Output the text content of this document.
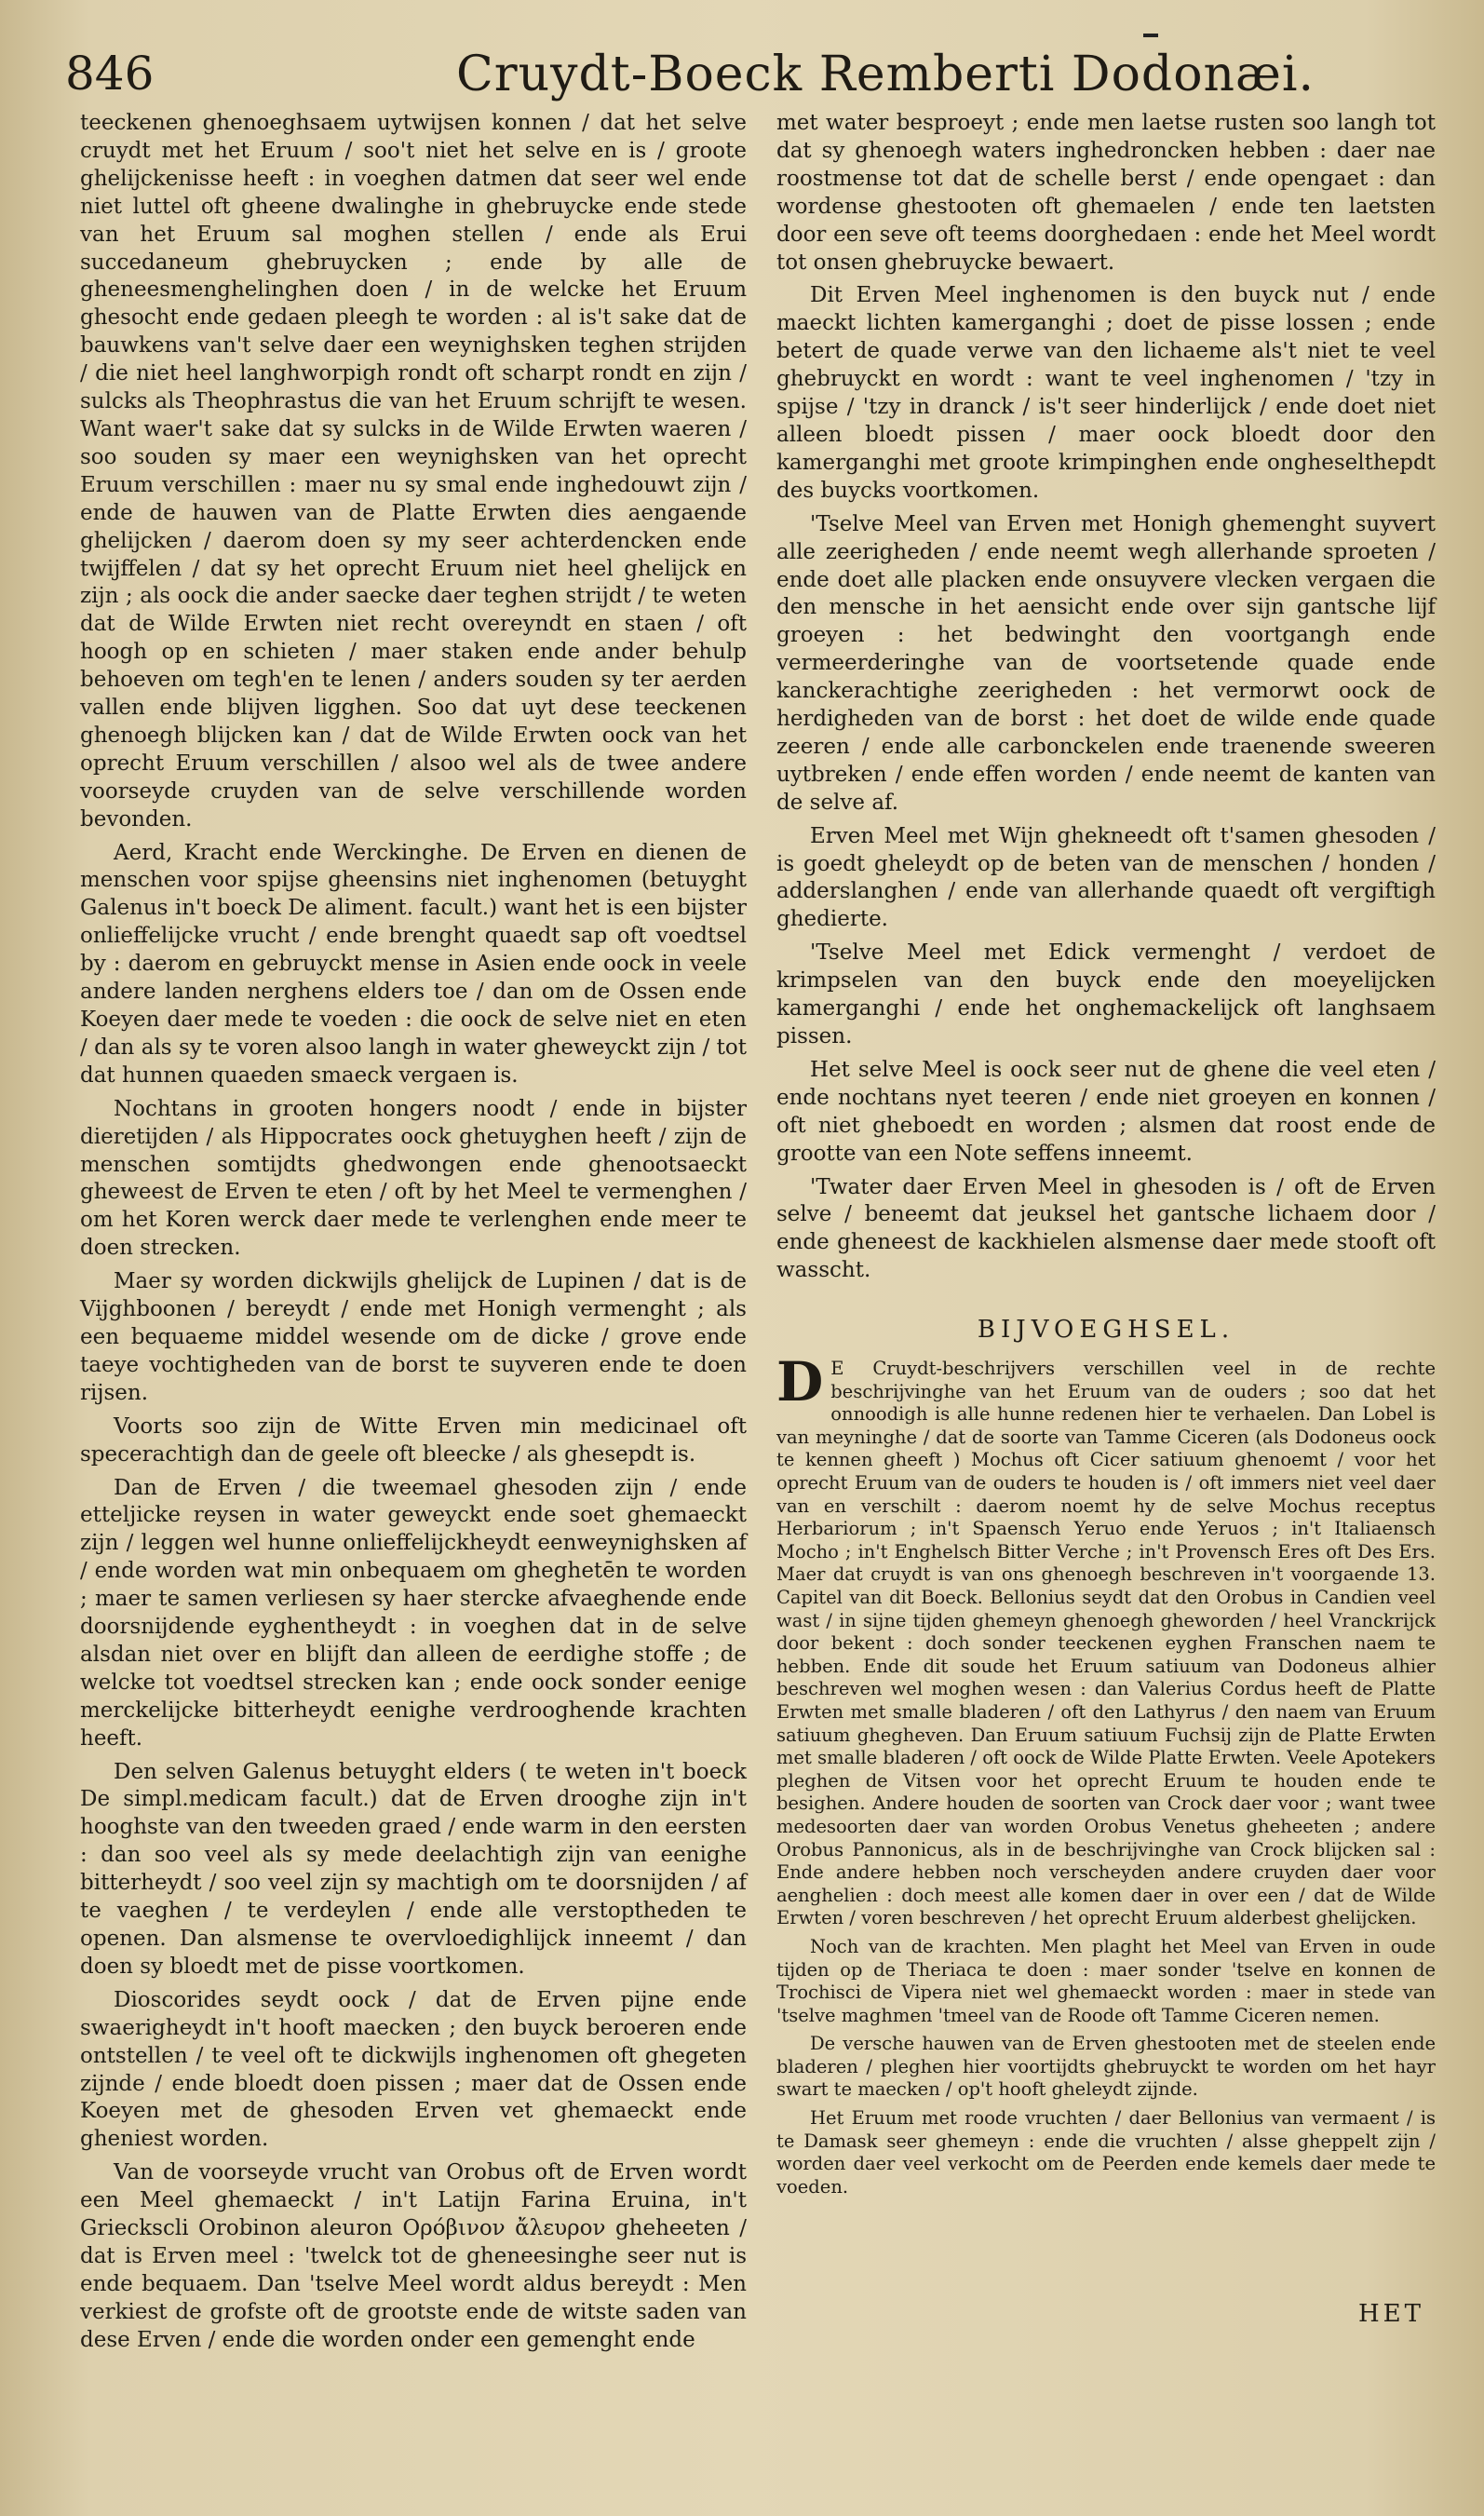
846	Cruydt-Boeck Remberti Dodonæi.

teeckenen ghenoeghsaem uytwijsen konnen / dat het selve cruydt met het Eruum / soo't niet het selve en is / groote ghelijckenisse heeft : in voeghen datmen dat seer wel ende niet luttel oft gheene dwalinghe in ghebruycke ende stede van het Eruum sal moghen stellen / ende als Erui succedaneum ghebruycken ; ende by alle de gheneesmenghelinghen doen / in de welcke het Eruum ghesocht ende gedaen pleegh te worden : al is't sake dat de bauwkens van't selve daer een weynighsken teghen strijden / die niet heel langhworpigh rondt oft scharpt rondt en zijn / sulcks als Theophrastus die van het Eruum schrijft te wesen. Want waer't sake dat sy sulcks in de Wilde Erwten waeren / soo souden sy maer een weynighsken van het oprecht Eruum verschillen : maer nu sy smal ende inghedouwt zijn / ende de hauwen van de Platte Erwten dies aengaende ghelijcken / daerom doen sy my seer achterdencken ende twijffelen / dat sy het oprecht Eruum niet heel ghelijck en zijn ; als oock die ander saecke daer teghen strijdt / te weten dat de Wilde Erwten niet recht overeyndt en staen / oft hoogh op en schieten / maer staken ende ander behulp behoeven om tegh'en te lenen / anders souden sy ter aerden vallen ende blijven ligghen. Soo dat uyt dese teeckenen ghenoegh blijcken kan / dat de Wilde Erwten oock van het oprecht Eruum verschillen / alsoo wel als de twee andere voorseyde cruyden van de selve verschillende worden bevonden.

Aerd, Kracht ende Werckinghe. De Erven en dienen de menschen voor spijse gheensins niet inghenomen (betuyght Galenus in't boeck De aliment. facult.) want het is een bijster onlieffelijcke vrucht / ende brenght quaedt sap oft voedtsel by : daerom en gebruyckt mense in Asien ende oock in veele andere landen nerghens elders toe / dan om de Ossen ende Koeyen daer mede te voeden : die oock de selve niet en eten / dan als sy te voren alsoo langh in water gheweyckt zijn / tot dat hunnen quaeden smaeck vergaen is.

Nochtans in grooten hongers noodt / ende in bijster dieretijden / als Hippocrates oock ghetuyghen heeft / zijn de menschen somtijdts ghedwongen ende ghenootsaeckt gheweest de Erven te eten / oft by het Meel te vermenghen / om het Koren werck daer mede te verlenghen ende meer te doen strecken.

Maer sy worden dickwijls ghelijck de Lupinen / dat is de Vijghboonen / bereydt / ende met Honigh vermenght ; als een bequaeme middel wesende om de dicke / grove ende taeye vochtigheden van de borst te suyveren ende te doen rijsen.

Voorts soo zijn de Witte Erven min medicinael oft specerachtigh dan de geele oft bleecke / als ghesepdt is.

Dan de Erven / die tweemael ghesoden zijn / ende etteljicke reysen in water geweyckt ende soet ghemaeckt zijn / leggen wel hunne onlieffelijckheydt eenweynighsken af / ende worden wat min onbequaem om gheghetēn te worden ; maer te samen verliesen sy haer stercke afvaeghende ende doorsnijdende eyghentheydt : in voeghen dat in de selve alsdan niet over en blijft dan alleen de eerdighe stoffe ; de welcke tot voedtsel strecken kan ; ende oock sonder eenige merckelijcke bitterheydt eenighe verdrooghende krachten heeft.

Den selven Galenus betuyght elders ( te weten in't boeck De simpl.medicam facult.) dat de Erven drooghe zijn in't hooghste van den tweeden graed / ende warm in den eersten : dan soo veel als sy mede deelachtigh zijn van eenighe bitterheydt / soo veel zijn sy machtigh om te doorsnijden / af te vaeghen / te verdeylen / ende alle verstoptheden te openen. Dan alsmense te overvloedighlijck inneemt / dan doen sy bloedt met de pisse voortkomen.

Dioscorides seydt oock / dat de Erven pijne ende swaerigheydt in't hooft maecken ; den buyck beroeren ende ontstellen / te veel oft te dickwijls inghenomen oft ghegeten zijnde / ende bloedt doen pissen ; maer dat de Ossen ende Koeyen met de ghesoden Erven vet ghemaeckt ende gheniest worden.

Van de voorseyde vrucht van Orobus oft de Erven wordt een Meel ghemaeckt / in't Latijn Farina Eruina, in't Grieckscli Orobinon aleuron Oρόβινον ἄλευρον gheheeten / dat is Erven meel : 'twelck tot de gheneesinghe seer nut is ende bequaem. Dan 'tselve Meel wordt aldus bereydt : Men verkiest de grofste oft de grootste ende de witste saden van dese Erven / ende die worden onder een gemenght ende

met water besproeyt ; ende men laetse rusten soo langh tot dat sy ghenoegh waters inghedroncken hebben : daer nae roostmense tot dat de schelle berst / ende opengaet : dan wordense ghestooten oft ghemaelen / ende ten laetsten door een seve oft teems doorghedaen : ende het Meel wordt tot onsen ghebruycke bewaert.

Dit Erven Meel inghenomen is den buyck nut / ende maeckt lichten kamerganghi ; doet de pisse lossen ; ende betert de quade verwe van den lichaeme als't niet te veel ghebruyckt en wordt : want te veel inghenomen / 'tzy in spijse / 'tzy in dranck / is't seer hinderlijck / ende doet niet alleen bloedt pissen / maer oock bloedt door den kamerganghi met groote krimpinghen ende ongheselthepdt des buycks voortkomen.

'Tselve Meel van Erven met Honigh ghemenght suyvert alle zeerigheden / ende neemt wegh allerhande sproeten / ende doet alle placken ende onsuyvere vlecken vergaen die den mensche in het aensicht ende over sijn gantsche lijf groeyen : het bedwinght den voortgangh ende vermeerderinghe van de voortsetende quade ende kanckerachtighe zeerigheden : het vermorwt oock de herdigheden van de borst : het doet de wilde ende quade zeeren / ende alle carbonckelen ende traenende sweeren uytbreken / ende effen worden / ende neemt de kanten van de selve af.

Erven Meel met Wijn ghekneedt oft t'samen ghesoden / is goedt gheleydt op de beten van de menschen / honden / adderslanghen / ende van allerhande quaedt oft vergiftigh ghedierte.

'Tselve Meel met Edick vermenght / verdoet de krimpselen van den buyck ende den moeyelijcken kamerganghi / ende het onghemackelijck oft langhsaem pissen.

Het selve Meel is oock seer nut de ghene die veel eten / ende nochtans nyet teeren / ende niet groeyen en konnen / oft niet gheboedt en worden ; alsmen dat roost ende de grootte van een Note seffens inneemt.

'Twater daer Erven Meel in ghesoden is / oft de Erven selve / beneemt dat jeuksel het gantsche lichaem door / ende gheneest de kackhielen alsmense daer mede stooft oft wasscht.

BIJVOEGHSEL.

D E Cruydt-beschrijvers verschillen veel in de rechte beschrijvinghe van het Eruum van de ouders ; soo dat het onnoodigh is alle hunne redenen hier te verhaelen. Dan Lobel is van meyninghe / dat de soorte van Tamme Ciceren (als Dodoneus oock te kennen gheeft ) Mochus oft Cicer satiuum ghenoemt / voor het oprecht Eruum van de ouders te houden is / oft immers niet veel daer van en verschilt : daerom noemt hy de selve Mochus receptus Herbariorum ; in't Spaensch Yeruo ende Yeruos ; in't Italiaensch Mocho ; in't Enghelsch Bitter Verche ; in't Provensch Eres oft Des Ers. Maer dat cruydt is van ons ghenoegh beschreven in't voorgaende 13. Capitel van dit Boeck. Bellonius seydt dat den Orobus in Candien veel wast / in sijne tijden ghemeyn ghenoegh gheworden / heel Vranckrijck door bekent : doch sonder teeckenen eyghen Franschen naem te hebben. Ende dit soude het Eruum satiuum van Dodoneus alhier beschreven wel moghen wesen : dan Valerius Cordus heeft de Platte Erwten met smalle bladeren / oft den Lathyrus / den naem van Eruum satiuum ghegheven. Dan Eruum satiuum Fuchsij zijn de Platte Erwten met smalle bladeren / oft oock de Wilde Platte Erwten. Veele Apotekers pleghen de Vitsen voor het oprecht Eruum te houden ende te besighen. Andere houden de soorten van Crock daer voor ; want twee medesoorten daer van worden Orobus Venetus gheheeten ; andere Orobus Pannonicus, als in de beschrijvinghe van Crock blijcken sal : Ende andere hebben noch verscheyden andere cruyden daer voor aenghelien : doch meest alle komen daer in over een / dat de Wilde Erwten / voren beschreven / het oprecht Eruum alderbest ghelijcken.

Noch van de krachten. Men plaght het Meel van Erven in oude tijden op de Theriaca te doen : maer sonder 'tselve en konnen de Trochisci de Vipera niet wel ghemaeckt worden : maer in stede van 'tselve maghmen 'tmeel van de Roode oft Tamme Ciceren nemen.

De versche hauwen van de Erven ghestooten met de steelen ende bladeren / pleghen hier voortijdts ghebruyckt te worden om het hayr swart te maecken / op't hooft gheleydt zijnde.

Het Eruum met roode vruchten / daer Bellonius van vermaent / is te Damask seer ghemeyn : ende die vruchten / alsse gheppelt zijn / worden daer veel verkocht om de Peerden ende kemels daer mede te voeden.

HET
